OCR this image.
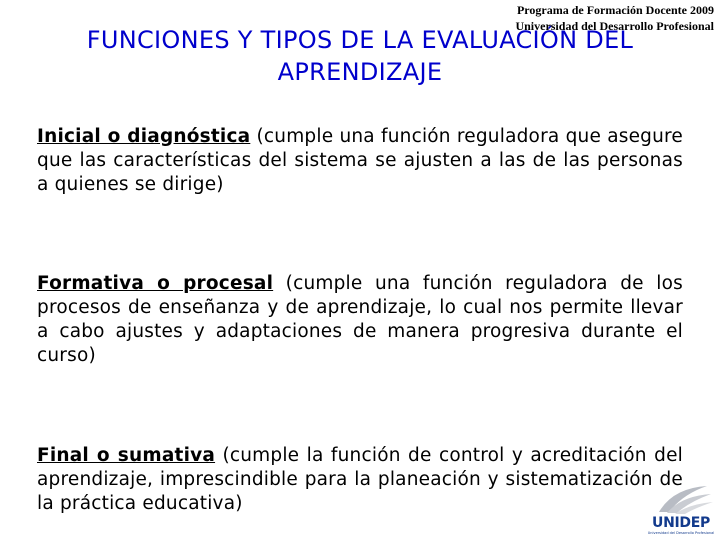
Programa de Formación Docente 2009
FUNCIONES Y TIPOS DE LA EVALUACIÓN DEL APRENDIZAJE
Universidad del Desarrollo Profesional

Inicial o diagnóstica (cumple una función reguladora que asegure que las características del sistema se ajusten a las de las personas a quienes se dirige)

Formativa o procesal (cumple una función reguladora de los procesos de enseñanza y de aprendizaje, lo cual nos permite llevar a cabo ajustes y adaptaciones de manera progresiva durante el curso)

Final o sumativa (cumple la función de control y acreditación del aprendizaje, imprescindible para la planeación y sistematización de la práctica educativa)

UNIDEP
Universidad del Desarrollo Profesional
